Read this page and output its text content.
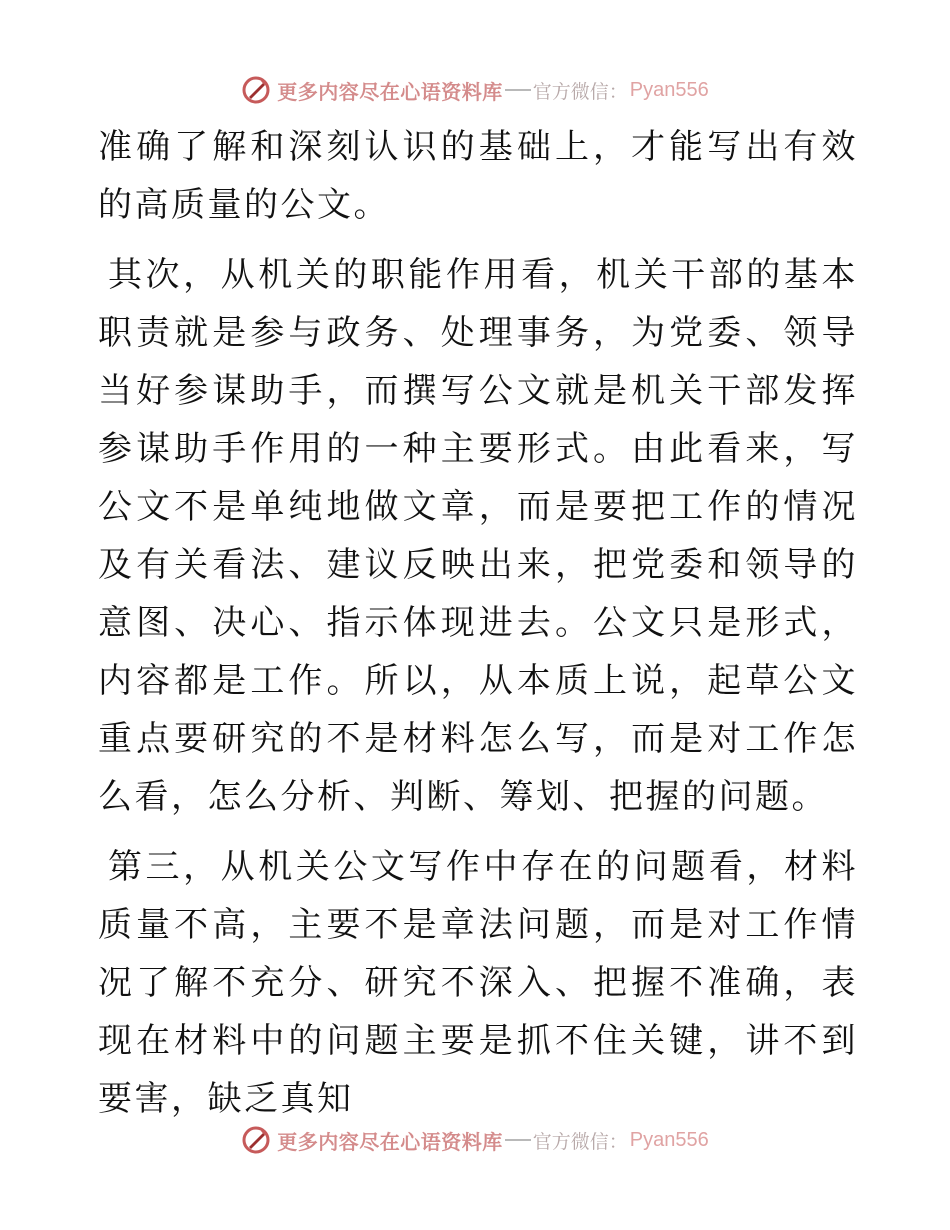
更多内容尽在心语资料库 官方微信： Pyan556

准确了解和深刻认识的基础上，才能写出有效的高质量的公文。

其次，从机关的职能作用看，机关干部的基本职责就是参与政务、处理事务，为党委、领导当好参谋助手，而撰写公文就是机关干部发挥参谋助手作用的一种主要形式。由此看来，写公文不是单纯地做文章，而是要把工作的情况及有关看法、建议反映出来，把党委和领导的意图、决心、指示体现进去。公文只是形式，内容都是工作。所以，从本质上说，起草公文重点要研究的不是材料怎么写，而是对工作怎么看，怎么分析、判断、筹划、把握的问题。

第三，从机关公文写作中存在的问题看，材料质量不高，主要不是章法问题，而是对工作情况了解不充分、研究不深入、把握不准确，表现在材料中的问题主要是抓不住关键，讲不到要害，缺乏真知

更多内容尽在心语资料库 官方微信： Pyan556
